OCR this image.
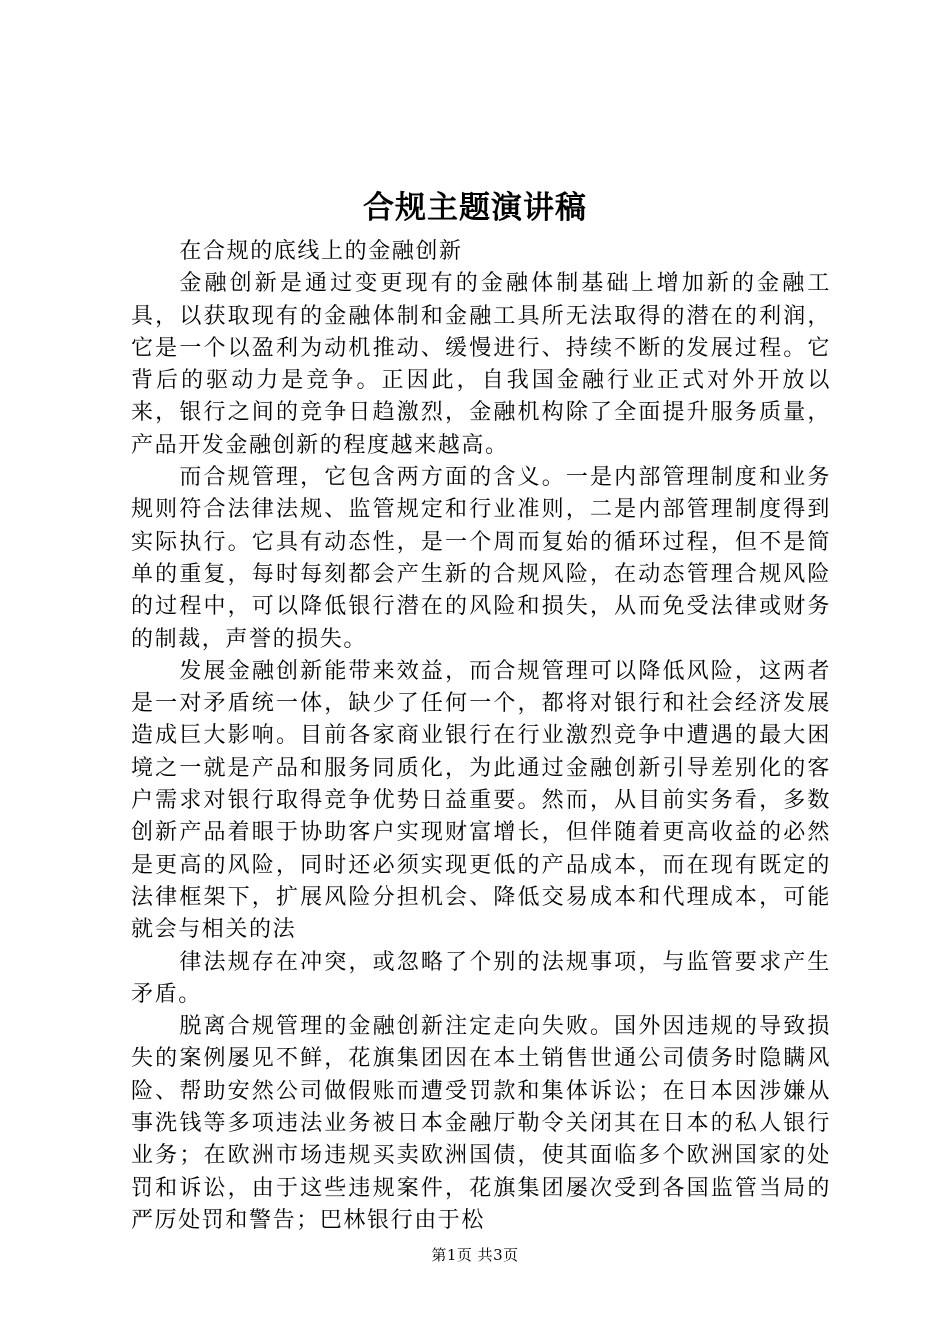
合规主题演讲稿

在合规的底线上的金融创新

金融创新是通过变更现有的金融体制基础上增加新的金融工具，以获取现有的金融体制和金融工具所无法取得的潜在的利润，它是一个以盈利为动机推动、缓慢进行、持续不断的发展过程。它背后的驱动力是竞争。正因此，自我国金融行业正式对外开放以来，银行之间的竞争日趋激烈，金融机构除了全面提升服务质量，产品开发金融创新的程度越来越高。

而合规管理，它包含两方面的含义。一是内部管理制度和业务规则符合法律法规、监管规定和行业准则，二是内部管理制度得到实际执行。它具有动态性，是一个周而复始的循环过程，但不是简单的重复，每时每刻都会产生新的合规风险，在动态管理合规风险的过程中，可以降低银行潜在的风险和损失，从而免受法律或财务的制裁，声誉的损失。

发展金融创新能带来效益，而合规管理可以降低风险，这两者是一对矛盾统一体，缺少了任何一个，都将对银行和社会经济发展造成巨大影响。目前各家商业银行在行业激烈竞争中遭遇的最大困境之一就是产品和服务同质化，为此通过金融创新引导差别化的客户需求对银行取得竞争优势日益重要。然而，从目前实务看，多数创新产品着眼于协助客户实现财富增长，但伴随着更高收益的必然是更高的风险，同时还必须实现更低的产品成本，而在现有既定的法律框架下，扩展风险分担机会、降低交易成本和代理成本，可能就会与相关的法

律法规存在冲突，或忽略了个别的法规事项，与监管要求产生矛盾。

脱离合规管理的金融创新注定走向失败。国外因违规的导致损失的案例屡见不鲜，花旗集团因在本土销售世通公司债务时隐瞒风险、帮助安然公司做假账而遭受罚款和集体诉讼；在日本因涉嫌从事洗钱等多项违法业务被日本金融厅勒令关闭其在日本的私人银行业务；在欧洲市场违规买卖欧洲国债，使其面临多个欧洲国家的处罚和诉讼，由于这些违规案件，花旗集团屡次受到各国监管当局的严厉处罚和警告；巴林银行由于松

第1页 共3页
